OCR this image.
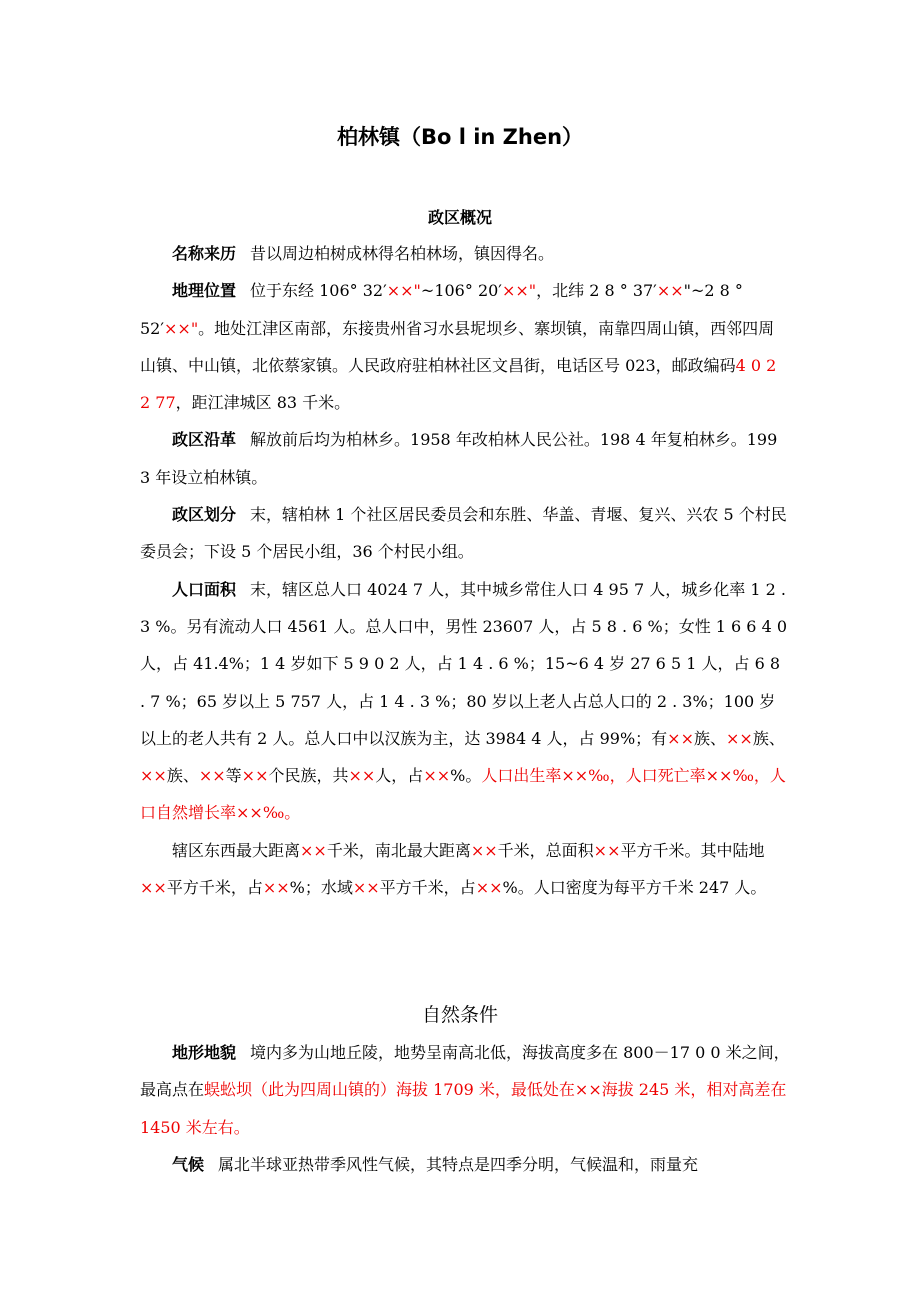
柏林镇（Bo l in Zhen）
政区概况

名称来历 昔以周边柏树成林得名柏林场，镇因得名。

地理位置 位于东经 106° 32′××"~106° 20′××"，北纬 2 8 ° 37′××"~2 8 ° 52′××"。地处江津区南部，东接贵州省习水县坭坝乡、寨坝镇，南靠四周山镇，西邻四周山镇、中山镇，北依蔡家镇。人民政府驻柏林社区文昌街，电话区号 023，邮政编码4 0 2 2 77，距江津城区 83 千米。

政区沿革 解放前后均为柏林乡。1958 年改柏林人民公社。198 4 年复柏林乡。199 3 年设立柏林镇。

政区划分 末，辖柏林 1 个社区居民委员会和东胜、华盖、青堰、复兴、兴农 5 个村民委员会；下设 5 个居民小组，36 个村民小组。

人口面积 末，辖区总人口 4024 7 人，其中城乡常住人口 4 95 7 人，城乡化率 1 2 . 3 %。另有流动人口 4561 人。总人口中，男性 23607 人，占 5 8 . 6 %；女性 1 6 6 4 0 人，占 41.4%；1 4 岁如下 5 9 0 2 人，占 1 4 . 6 %；15~6 4 岁 27 6 5 1 人，占 6 8 . 7 %；65 岁以上 5 757 人，占 1 4 . 3 %；80 岁以上老人占总人口的 2 . 3%；100 岁以上的老人共有 2 人。总人口中以汉族为主，达 3984 4 人，占 99%；有××族、××族、××族、××等××个民族，共××人，占××%。人口出生率××‰，人口死亡率××‰，人口自然增长率××‰。

辖区东西最大距离××千米，南北最大距离××千米，总面积××平方千米。其中陆地××平方千米，占××%；水域××平方千米，占××%。人口密度为每平方千米 247 人。

自然条件

地形地貌 境内多为山地丘陵，地势呈南高北低，海拔高度多在 800－17 0 0 米之间，最高点在蜈蚣坝（此为四周山镇的）海拔 1709 米，最低处在××海拔 245 米，相对高差在 1450 米左右。

气候 属北半球亚热带季风性气候，其特点是四季分明，气候温和，雨量充
